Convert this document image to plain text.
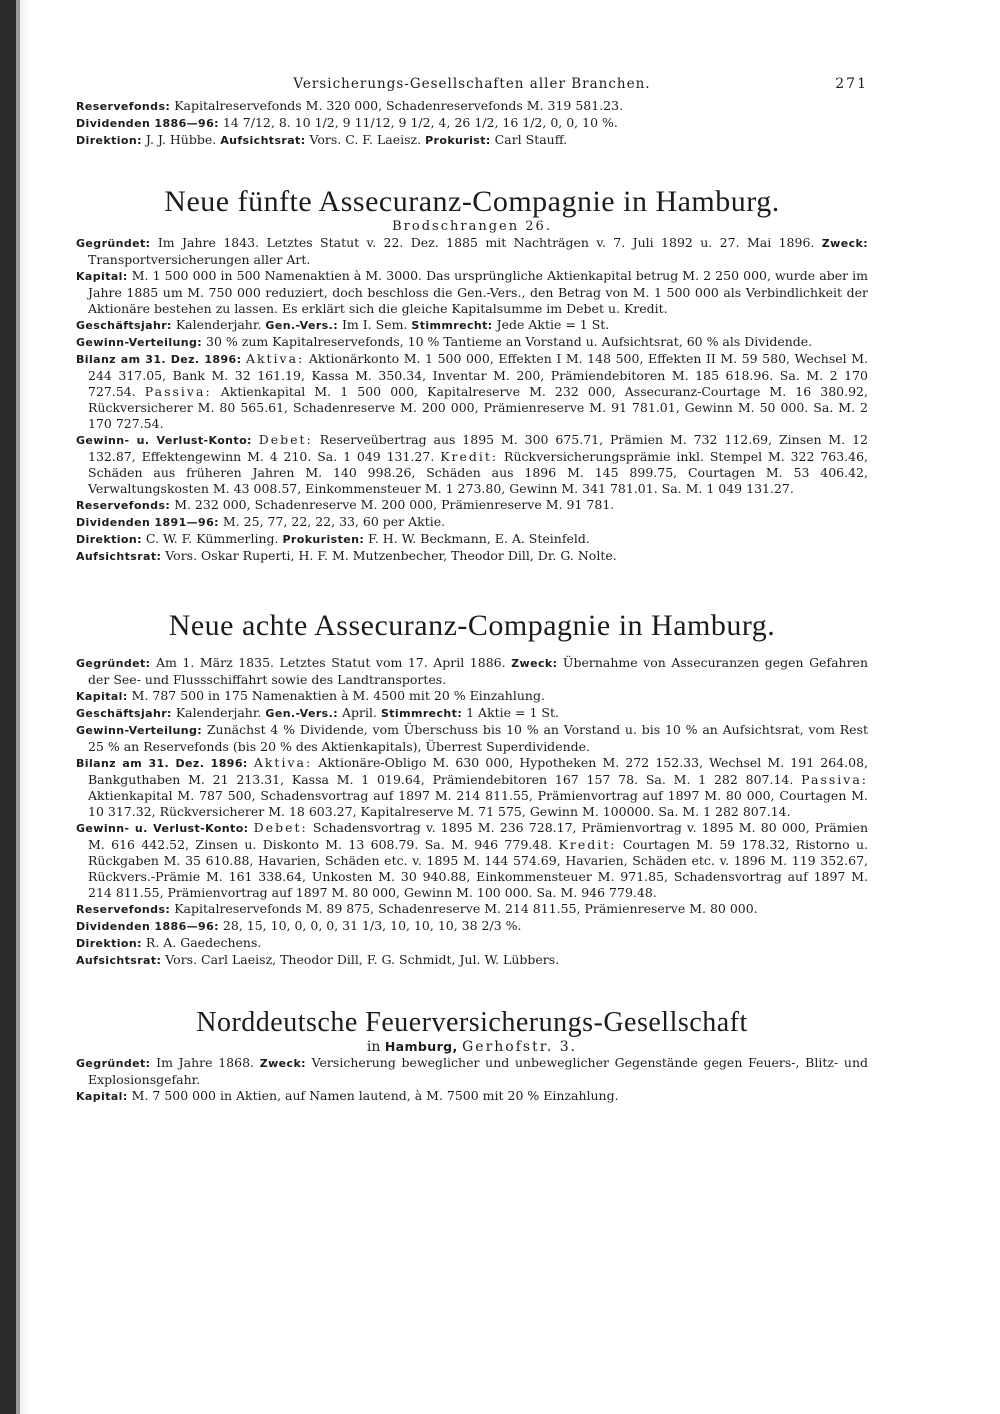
Versicherungs-Gesellschaften aller Branchen.	271

Reservefonds: Kapitalreservefonds M. 320 000, Schadenreservefonds M. 319 581.23.

Dividenden 1886—96: 14 7/12, 8. 10 1/2, 9 11/12, 9 1/2, 4, 26 1/2, 16 1/2, 0, 0, 10 %.

Direktion: J. J. Hübbe. Aufsichtsrat: Vors. C. F. Laeisz. Prokurist: Carl Stauff.

Neue fünfte Assecuranz-Compagnie in Hamburg.
Brodschrangen 26.

Gegründet: Im Jahre 1843. Letztes Statut v. 22. Dez. 1885 mit Nachträgen v. 7. Juli 1892 u. 27. Mai 1896. Zweck: Transportversicherungen aller Art.

Kapital: M. 1 500 000 in 500 Namenaktien à M. 3000. Das ursprüngliche Aktienkapital betrug M. 2 250 000, wurde aber im Jahre 1885 um M. 750 000 reduziert, doch beschloss die Gen.-Vers., den Betrag von M. 1 500 000 als Verbindlichkeit der Aktionäre bestehen zu lassen. Es erklärt sich die gleiche Kapitalsumme im Debet u. Kredit.

Geschäftsjahr: Kalenderjahr. Gen.-Vers.: Im I. Sem. Stimmrecht: Jede Aktie = 1 St.

Gewinn-Verteilung: 30 % zum Kapitalreservefonds, 10 % Tantieme an Vorstand u. Aufsichtsrat, 60 % als Dividende.

Bilanz am 31. Dez. 1896: Aktiva: Aktionärkonto M. 1 500 000, Effekten I M. 148 500, Effekten II M. 59 580, Wechsel M. 244 317.05, Bank M. 32 161.19, Kassa M. 350.34, Inventar M. 200, Prämiendebitoren M. 185 618.96. Sa. M. 2 170 727.54. Passiva: Aktienkapital M. 1 500 000, Kapitalreserve M. 232 000, Assecuranz-Courtage M. 16 380.92, Rückversicherer M. 80 565.61, Schadenreserve M. 200 000, Prämienreserve M. 91 781.01, Gewinn M. 50 000. Sa. M. 2 170 727.54.

Gewinn- u. Verlust-Konto: Debet: Reserveübertrag aus 1895 M. 300 675.71, Prämien M. 732 112.69, Zinsen M. 12 132.87, Effektengewinn M. 4 210. Sa. 1 049 131.27. Kredit: Rückversicherungsprämie inkl. Stempel M. 322 763.46, Schäden aus früheren Jahren M. 140 998.26, Schäden aus 1896 M. 145 899.75, Courtagen M. 53 406.42, Verwaltungskosten M. 43 008.57, Einkommensteuer M. 1 273.80, Gewinn M. 341 781.01. Sa. M. 1 049 131.27.

Reservefonds: M. 232 000, Schadenreserve M. 200 000, Prämienreserve M. 91 781.

Dividenden 1891—96: M. 25, 77, 22, 22, 33, 60 per Aktie.

Direktion: C. W. F. Kümmerling. Prokuristen: F. H. W. Beckmann, E. A. Steinfeld.

Aufsichtsrat: Vors. Oskar Ruperti, H. F. M. Mutzenbecher, Theodor Dill, Dr. G. Nolte.

Neue achte Assecuranz-Compagnie in Hamburg.

Gegründet: Am 1. März 1835. Letztes Statut vom 17. April 1886. Zweck: Übernahme von Assecuranzen gegen Gefahren der See- und Flussschiffahrt sowie des Landtransportes.

Kapital: M. 787 500 in 175 Namenaktien à M. 4500 mit 20 % Einzahlung.

Geschäftsjahr: Kalenderjahr. Gen.-Vers.: April. Stimmrecht: 1 Aktie = 1 St.

Gewinn-Verteilung: Zunächst 4 % Dividende, vom Überschuss bis 10 % an Vorstand u. bis 10 % an Aufsichtsrat, vom Rest 25 % an Reservefonds (bis 20 % des Aktienkapitals), Überrest Superdividende.

Bilanz am 31. Dez. 1896: Aktiva: Aktionäre-Obligo M. 630 000, Hypotheken M. 272 152.33, Wechsel M. 191 264.08, Bankguthaben M. 21 213.31, Kassa M. 1 019.64, Prämiendebitoren 167 157 78. Sa. M. 1 282 807.14. Passiva: Aktienkapital M. 787 500, Schadensvortrag auf 1897 M. 214 811.55, Prämienvortrag auf 1897 M. 80 000, Courtagen M. 10 317.32, Rückversicherer M. 18 603.27, Kapitalreserve M. 71 575, Gewinn M. 100000. Sa. M. 1 282 807.14.

Gewinn- u. Verlust-Konto: Debet: Schadensvortrag v. 1895 M. 236 728.17, Prämienvortrag v. 1895 M. 80 000, Prämien M. 616 442.52, Zinsen u. Diskonto M. 13 608.79. Sa. M. 946 779.48. Kredit: Courtagen M. 59 178.32, Ristorno u. Rückgaben M. 35 610.88, Havarien, Schäden etc. v. 1895 M. 144 574.69, Havarien, Schäden etc. v. 1896 M. 119 352.67, Rückvers.-Prämie M. 161 338.64, Unkosten M. 30 940.88, Einkommensteuer M. 971.85, Schadensvortrag auf 1897 M. 214 811.55, Prämienvortrag auf 1897 M. 80 000, Gewinn M. 100 000. Sa. M. 946 779.48.

Reservefonds: Kapitalreservefonds M. 89 875, Schadenreserve M. 214 811.55, Prämienreserve M. 80 000.

Dividenden 1886—96: 28, 15, 10, 0, 0, 0, 31 1/3, 10, 10, 10, 38 2/3 %.

Direktion: R. A. Gaedechens.

Aufsichtsrat: Vors. Carl Laeisz, Theodor Dill, F. G. Schmidt, Jul. W. Lübbers.

Norddeutsche Feuerversicherungs-Gesellschaft
in Hamburg, Gerhofstr. 3.

Gegründet: Im Jahre 1868. Zweck: Versicherung beweglicher und unbeweglicher Gegenstände gegen Feuers-, Blitz- und Explosionsgefahr.

Kapital: M. 7 500 000 in Aktien, auf Namen lautend, à M. 7500 mit 20 % Einzahlung.
